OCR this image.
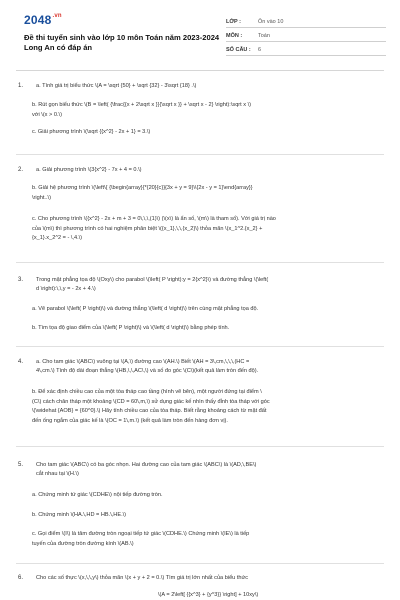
$2048^{.vn}$
Đề thi tuyển sinh vào lớp 10 môn Toán năm 2023-2024
Long An có đáp án
LỚP :	Ôn vào 10
MÔN :	Toán
SỐ CÂU :	6
1.	a. Tính giá trị biểu thức \(A = \sqrt {50} + \sqrt {32} - 3\sqrt {18} .\)

b. Rút gọn biểu thức \(B = \left( {\frac{{x + 2\sqrt x }}{\sqrt x }} + \sqrt x - 2} \right):\sqrt x \)

với \(x > 0.\)

c. Giải phương trình \(\sqrt {{x^2} - 2x + 1} = 3.\)

2.	a. Giải phương trình \(3{x^2} - 7x + 4 = 0.\)

b. Giải hệ phương trình \(\left\{ {\begin{array}{*{20}{c}}{3x + y = 9}\\{2x - y = 1}\end{array}}

\right..\)

c. Cho phương trình \({x^2} - 2x + m + 3 = 0\,\,\,(1)\) (\(x\) là ẩn số, \(m\) là tham số). Với giá trị nào

của \(m\) thì phương trình có hai nghiệm phân biệt \({x_1},\,\,{x_2}\) thỏa mãn \(x_1^2.{x_2} +

{x_1}.x_2^2 = - \,4.\)

3.	Trong mặt phẳng tọa độ \(Oxy\) cho parabol \(\left( P \right):y = 2{x^2}\) và đường thẳng \(\left(
d \right):\,\,y = - 2x + 4.\)

a. Vẽ parabol \(\left( P \right)\) và đường thẳng \(\left( d \right)\) trên cùng mặt phẳng tọa độ.

b. Tìm tọa độ giao điểm của \(\left( P \right)\) và \(\left( d \right)\) bằng phép tính.

4.	a. Cho tam giác \(ABC\) vuông tại \(A,\) đường cao \(AH.\) Biết \(AH = 3\,cm,\,\,\,(HC =
4\,cm.\) Tính độ dài đoạn thẳng \(HB,\,\,AC\,\) và số đo góc \(C\)(kết quả làm tròn đến độ).

b. Để xác định chiều cao của một tòa tháp cao tầng (hình vẽ bên), một người đứng tại điểm \

(C\) cách chân tháp một khoảng \(CD = 60\,m,\) sử dụng giác kế nhìn thấy đỉnh tòa tháp với góc

\(\widehat {AOB} = {60^0}.\) Hãy tính chiều cao của tòa tháp. Biết rằng khoảng cách từ mặt đất

đến ống ngắm của giác kế là \(OC = 1\,m.\) (kết quả làm tròn đến hàng đơn vị).

5.	Cho tam giác \(ABC\) có ba góc nhọn. Hai đường cao của tam giác \(ABC\) là \(AD,\,BE\)
cắt nhau tại \(H.\)

a. Chứng minh tứ giác \(CDHE\) nội tiếp đường tròn.

b. Chứng minh \(HA.\,HD = HB.\,HE.\)

c. Gọi điểm \(I\) là tâm đường tròn ngoại tiếp tứ giác \(CDHE.\) Chứng minh \(IE\) là tiếp

tuyến của đường tròn đường kính \(AB.\)

6.	Cho các số thực \(x,\,\,y\) thỏa mãn \(x + y + 2 = 0.\) Tìm giá trị lớn nhất của biểu thức
\(A = 2\left[ {{x^3} + {y^3}} \right] + 10xy\)
